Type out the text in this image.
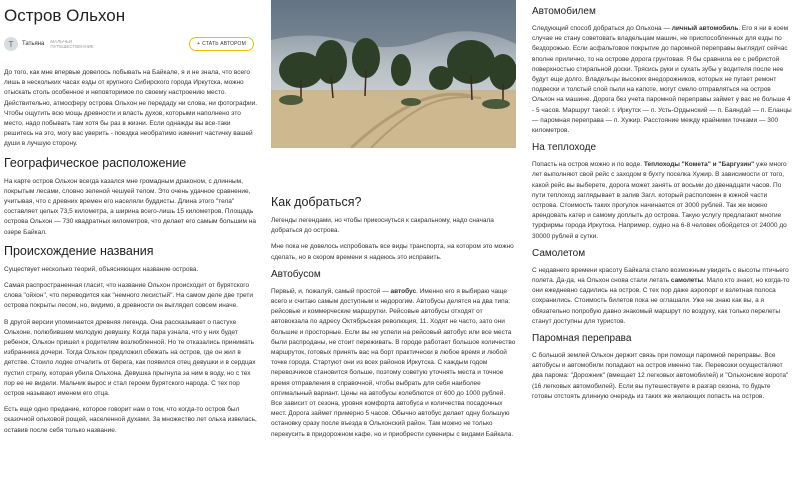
Остров Ольхон
Т	Татьяна МАЛЬЧЬИ ПУТЕШЕСТВЕННИК	+ СТАТЬ АВТОРОМ

До того, как мне впервые довелось побывать на Байкале, я и не знала, что всего лишь в нескольких часах езды от крупного Сибирского города Иркутска, можно отыскать столь особенное и неповторимое по своему настроению место. Действительно, атмосферу острова Ольхон не передаду ни слова, ни фотографии. Чтобы ощутить всю мощь древности и власть духов, которыми наполнено это место, надо побывать там хотя бы раз в жизни. Если однажды вы все-таки решитесь на это, могу вас уверить - поездка необратимо изменит частичку вашей души в лучшую сторону.

Географическое расположение

На карте остров Ольхон всегда казался мне громадным драконом, с длинным, покрытым лесами, словно зеленой чешуей телом. Это очень удачное сравнение, учитывая, что с древних времен его населяли буддисты. Длина этого "тела" составляет целых 73,5 километра, а ширина всего-лишь 15 километров. Площадь острова Ольхон — 730 квадратных километров, что делает его самым большим на озере Байкал.

Происхождение названия

Существует несколько теорий, объясняющих название острова.

Самая распространенная гласит, что название Ольхон происходит от бурятского слова "ойхон", что переводится как "немного лесистый". На самом деле две трети острова покрыты лесом, но, видимо, в древности он выглядел совсем иначе.

В другой версии упоминается древняя легенда. Она рассказывает о пастухе Ольхоне, полюбившем молодую девушку. Когда пара узнала, что у них будет ребенок, Ольхон пришел к родителям возлюбленной. Но те отказались принимать избранника дочери. Тогда Ольхон предложил сбежать на остров, где он жил в детстве. Стоило лодке отчалить от берега, как появился отец девушки и в сердцах пустил стрелу, которая убила Ольхона. Девушка прыгнула за ним в воду, но с тех пор ее не видели. Мальчик вырос и стал героем бурятского народа. С тех пор остров называют именем его отца.

Есть еще одно предание, которое говорит нам о том, что когда-то остров был сказочной ольховой рощей, населенной духами. За множество лет ольха извелась, оставив после себя только название.

Как добраться?

Легенды легендами, но чтобы прикоснуться к сакральному, надо сначала добраться до острова.

Мне пока не довелось испробовать все виды транспорта, на котором это можно сделать, но в скором времени я надеюсь это исправить.

Автобусом

Первый, и, пожалуй, самый простой — автобус. Именно его я выбираю чаще всего и считаю самым доступным и недорогим. Автобусы делятся на два типа: рейсовые и коммерческие маршрутки. Рейсовые автобусы отходят от автовокзала по адресу Октябрьская революция, 11. Ходят не часто, зато они большие и просторные. Если вы не успели на рейсовый автобус или все места были распроданы, не стоит переживать. В городе работает большое количество маршруток, готовых принять вас на борт практически в любое время и любой точке города. Стартуют они из всех районов Иркутска. С каждым годом перевозчиков становится больше, поэтому советую уточнять места и точное время отправления в справочной, чтобы выбрать для себя наиболее оптимальный вариант. Цены на автобусы колеблются от 600 до 1000 рублей. Все зависит от сезона, уровня комфорта автобуса и количества посадочных мест. Дорога займет примерно 5 часов. Обычно автобус делает одну большую остановку сразу после въезда в Ольхонский район. Там можно не только перекусить в придорожном кафе, но и приобрести сувениры с видами Байкала.

Автомобилем

Следующий способ добраться до Ольхона — личный автомобиль. Его я ни в коем случае не стану советовать владельцам машин, не приспособленных для езды по бездорожью. Если асфальтовое покрытие до паромной переправы выглядит сейчас вполне прилично, то на острове дорога грунтовая. Я бы сравнила ее с ребристой поверхностью стиральной доски. Трясись руки и сухать зубы у водителя после нее будут еще долго. Владельцы высоких внедорожников, которых не пугает ремонт подвески и толстый слой пыли на капоте, могут смело отправляться на остров Ольхон на машине. Дорога без учета паромной переправы займет у вас не больше 4 - 5 часов. Маршрут такой: г. Иркутск — п. Усть-Ордынский — п. Баяндай — п. Еланцы — паромная переправа — п. Хужир. Расстояние между крайними точками — 300 километров.

На теплоходе

Попасть на остров можно и по воде. Теплоходы "Комета" и "Баргузин" уже много лет выполняют свой рейс с заходом в бухту поселка Хужир. В зависимости от того, какой рейс вы выберете, дорога может занять от восьми до двенадцати часов. По пути теплоход заглядывает в залив Загл. который расположен в южной части острова. Стоимость таких прогулок начинается от 3000 рублей. Так же можно арендовать катер и самому доплыть до острова. Такую услугу предлагают многие турфирмы города Иркутска. Например, судно на 6-8 человек обойдется от 24000 до 30000 рублей в сутки.

Самолетом

С недавнего времени красоту Байкала стало возможным увидеть с высоты птичьего полета. Да-да, на Ольхон снова стали летать самолеты. Мало кто знает, но когда-то они ежедневно садились на остров. С тех пор даже аэропорт и взлетная полоса сохранились. Стоимость билетов пока не оглашали. Уже не знаю как вы, а я обязательно попробую давно знакомый маршрут по воздуху, как только перелеты станут доступны для туристов.

Паромная переправа

С большой землей Ольхон держит связь при помощи паромной переправы. Все автобусы и автомобили попадают на остров именно так. Перевозки осуществляют два парома: "Дорожник" (вмещает 12 легковых автомобилей) и "Ольхонские ворота" (16 легковых автомобилей). Если вы путешествуете в разгар сезона, то будьте готовы отстоять длинную очередь из таких же желающих попасть на остров.
